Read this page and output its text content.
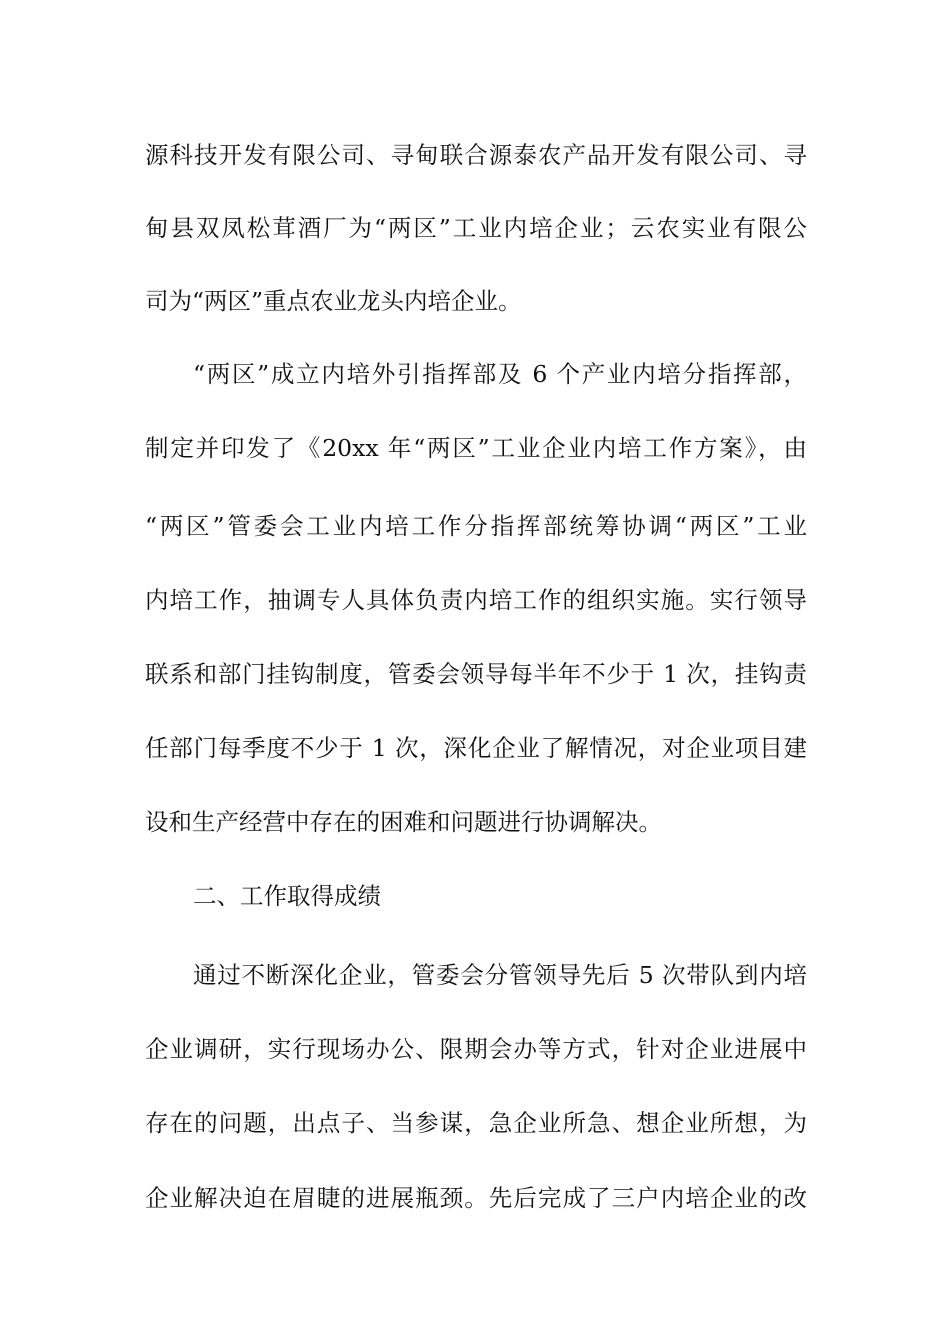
源科技开发有限公司、寻甸联合源泰农产品开发有限公司、寻
甸县双凤松茸酒厂为“两区”工业内培企业；云农实业有限公
司为“两区”重点农业龙头内培企业。
“两区”成立内培外引指挥部及 6 个产业内培分指挥部，
制定并印发了《20xx 年“两区”工业企业内培工作方案》，由
“两区”管委会工业内培工作分指挥部统筹协调“两区”工业
内培工作，抽调专人具体负责内培工作的组织实施。实行领导
联系和部门挂钩制度，管委会领导每半年不少于 1 次，挂钩责
任部门每季度不少于 1 次，深化企业了解情况，对企业项目建
设和生产经营中存在的困难和问题进行协调解决。
二、工作取得成绩
通过不断深化企业，管委会分管领导先后 5 次带队到内培
企业调研，实行现场办公、限期会办等方式，针对企业进展中
存在的问题，出点子、当参谋，急企业所急、想企业所想，为
企业解决迫在眉睫的进展瓶颈。先后完成了三户内培企业的改
